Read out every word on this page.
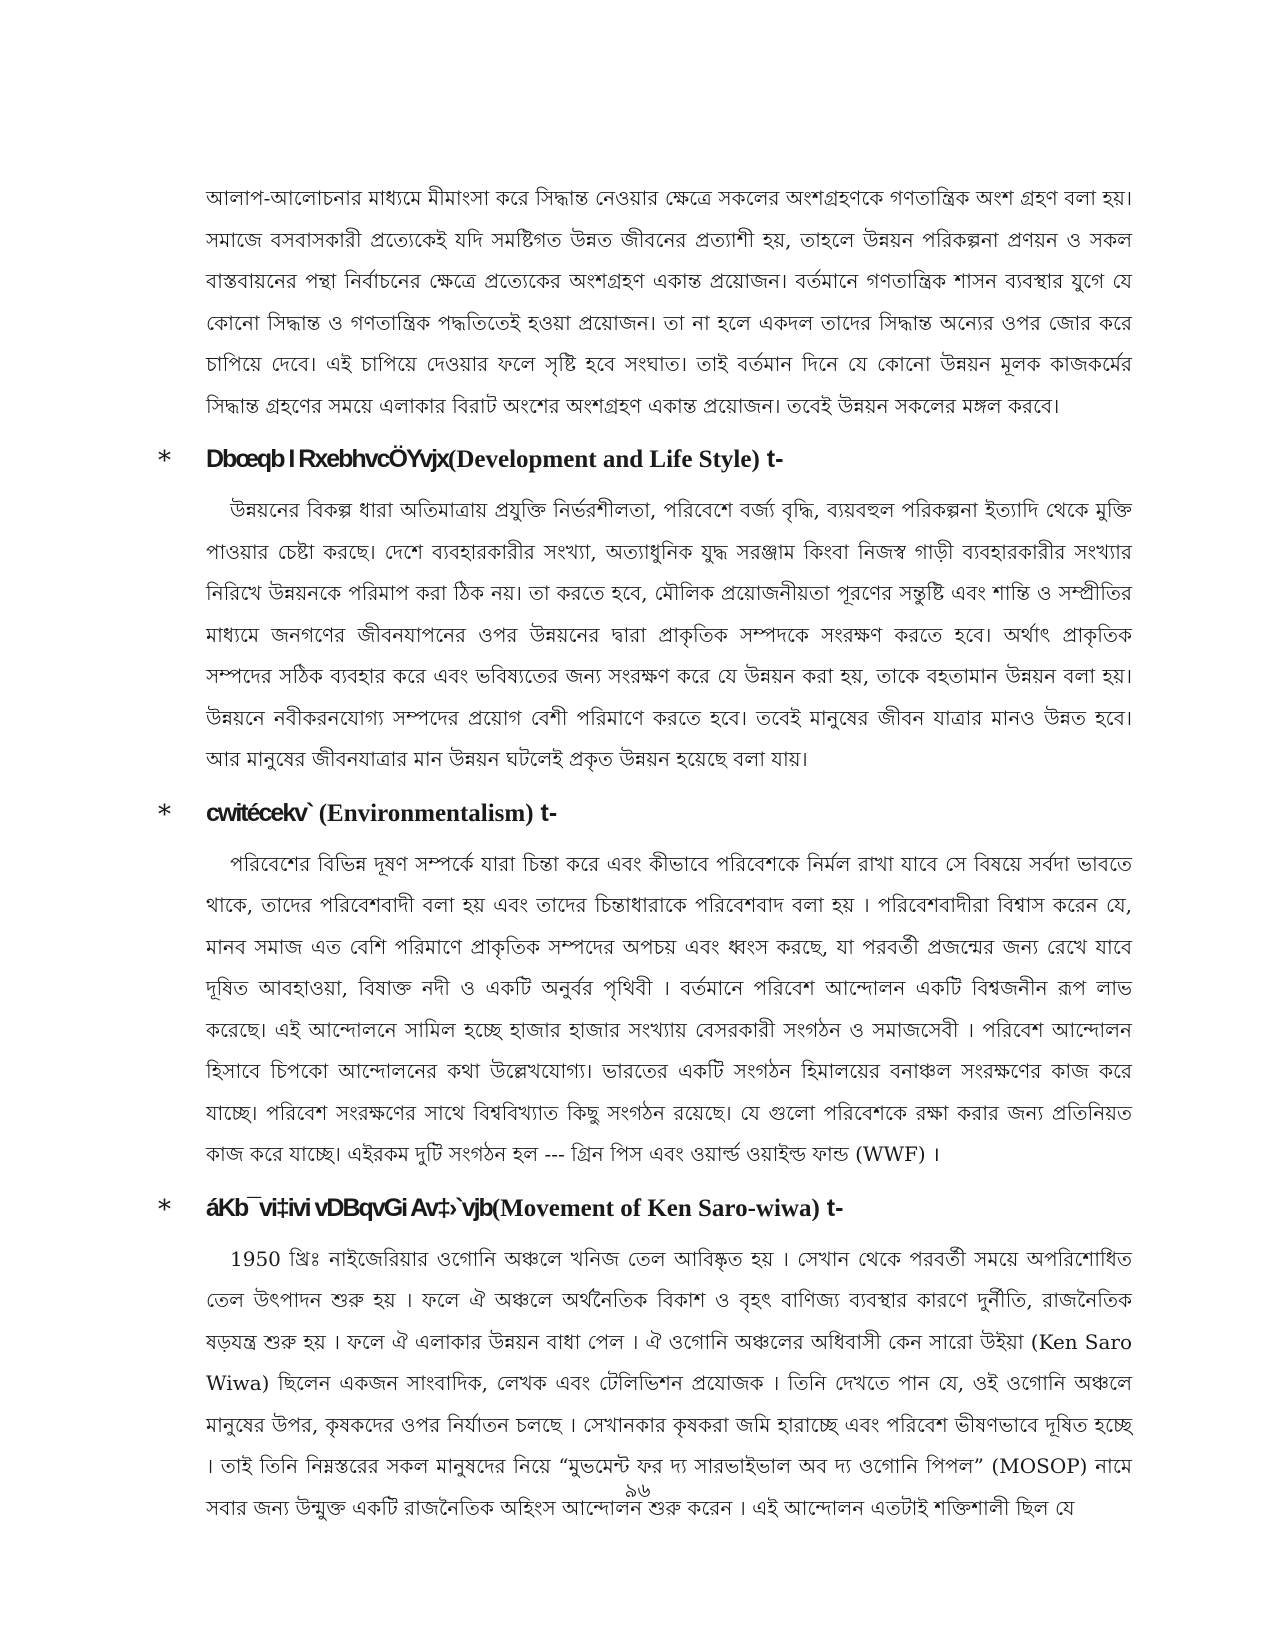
আলাপ-আলোচনার মাধ্যমে মীমাংসা করে সিদ্ধান্ত নেওয়ার ক্ষেত্রে সকলের অংশগ্রহণকে গণতান্ত্রিক অংশ গ্রহণ বলা হয়। সমাজে বসবাসকারী প্রত্যেকেই যদি সমষ্টিগত উন্নত জীবনের প্রত্যাশী হয়, তাহলে উন্নয়ন পরিকল্পনা প্রণয়ন ও সকল বাস্তবায়নের পন্থা নির্বাচনের ক্ষেত্রে প্রত্যেকের অংশগ্রহণ একান্ত প্রয়োজন। বর্তমানে গণতান্ত্রিক শাসন ব্যবস্থার যুগে যে কোনো সিদ্ধান্ত ও গণতান্ত্রিক পদ্ধতিতেই হওয়া প্রয়োজন। তা না হলে একদল তাদের সিদ্ধান্ত অন্যের ওপর জোর করে চাপিয়ে দেবে। এই চাপিয়ে দেওয়ার ফলে সৃষ্টি হবে সংঘাত। তাই বর্তমান দিনে যে কোনো উন্নয়ন মূলক কাজকর্মের সিদ্ধান্ত গ্রহণের সময়ে এলাকার বিরাট অংশের অংশগ্রহণ একান্ত প্রয়োজন। তবেই উন্নয়ন সকলের মঙ্গল করবে।

* Dbœqb I RxebhvcÖYvjx(Development and Life Style) t-

উন্নয়নের বিকল্প ধারা অতিমাত্রায় প্রযুক্তি নির্ভরশীলতা, পরিবেশে বর্জ্য বৃদ্ধি, ব্যয়বহুল পরিকল্পনা ইত্যাদি থেকে মুক্তি পাওয়ার চেষ্টা করছে। দেশে ব্যবহারকারীর সংখ্যা, অত্যাধুনিক যুদ্ধ সরঞ্জাম কিংবা নিজস্ব গাড়ী ব্যবহারকারীর সংখ্যার নিরিখে উন্নয়নকে পরিমাপ করা ঠিক নয়। তা করতে হবে, মৌলিক প্রয়োজনীয়তা পূরণের সন্তুষ্টি এবং শান্তি ও সম্প্রীতির মাধ্যমে জনগণের জীবনযাপনের ওপর উন্নয়নের দ্বারা প্রাকৃতিক সম্পদকে সংরক্ষণ করতে হবে। অর্থাৎ প্রাকৃতিক সম্পদের সঠিক ব্যবহার করে এবং ভবিষ্যতের জন্য সংরক্ষণ করে যে উন্নয়ন করা হয়, তাকে বহতামান উন্নয়ন বলা হয়। উন্নয়নে নবীকরনযোগ্য সম্পদের প্রয়োগ বেশী পরিমাণে করতে হবে। তবেই মানুষের জীবন যাত্রার মানও উন্নত হবে। আর মানুষের জীবনযাত্রার মান উন্নয়ন ঘটলেই প্রকৃত উন্নয়ন হয়েছে বলা যায়।

* cwitécekv` (Environmentalism) t-

পরিবেশের বিভিন্ন দূষণ সম্পর্কে যারা চিন্তা করে এবং কীভাবে পরিবেশকে নির্মল রাখা যাবে সে বিষয়ে সর্বদা ভাবতে থাকে, তাদের পরিবেশবাদী বলা হয় এবং তাদের চিন্তাধারাকে পরিবেশবাদ বলা হয় । পরিবেশবাদীরা বিশ্বাস করেন যে, মানব সমাজ এত বেশি পরিমাণে প্রাকৃতিক সম্পদের অপচয় এবং ধ্বংস করছে, যা পরবর্তী প্রজন্মের জন্য রেখে যাবে দূষিত আবহাওয়া, বিষাক্ত নদী ও একটি অনুর্বর পৃথিবী । বর্তমানে পরিবেশ আন্দোলন একটি বিশ্বজনীন রূপ লাভ করেছে। এই আন্দোলনে সামিল হচ্ছে হাজার হাজার সংখ্যায় বেসরকারী সংগঠন ও সমাজসেবী । পরিবেশ আন্দোলন হিসাবে চিপকো আন্দোলনের কথা উল্লেখযোগ্য। ভারতের একটি সংগঠন হিমালয়ের বনাঞ্চল সংরক্ষণের কাজ করে যাচ্ছে। পরিবেশ সংরক্ষণের সাথে বিশ্ববিখ্যাত কিছু সংগঠন রয়েছে। যে গুলো পরিবেশকে রক্ষা করার জন্য প্রতিনিয়ত কাজ করে যাচ্ছে। এইরকম দুটি সংগঠন হল --- গ্রিন পিস এবং ওয়ার্ল্ড ওয়াইল্ড ফান্ড (WWF) ।

* áKb¯vi‡ivi vDBqvGi Av‡›`vjb(Movement of Ken Saro-wiwa) t-

1950 খ্রিঃ নাইজেরিয়ার ওগোনি অঞ্চলে খনিজ তেল আবিষ্কৃত হয় । সেখান থেকে পরবর্তী সময়ে অপরিশোধিত তেল উৎপাদন শুরু হয় । ফলে ঐ অঞ্চলে অর্থনৈতিক বিকাশ ও বৃহৎ বাণিজ্য ব্যবস্থার কারণে দুর্নীতি, রাজনৈতিক ষড়যন্ত্র শুরু হয় । ফলে ঐ এলাকার উন্নয়ন বাধা পেল । ঐ ওগোনি অঞ্চলের অধিবাসী কেন সারো উইয়া (Ken Saro Wiwa) ছিলেন একজন সাংবাদিক, লেখক এবং টেলিভিশন প্রযোজক । তিনি দেখতে পান যে, ওই ওগোনি অঞ্চলে মানুষের উপর, কৃষকদের ওপর নির্যাতন চলছে । সেখানকার কৃষকরা জমি হারাচ্ছে এবং পরিবেশ ভীষণভাবে দূষিত হচ্ছে । তাই তিনি নিম্নস্তরের সকল মানুষদের নিয়ে “মুভমেন্ট ফর দ্য সারভাইভাল অব দ্য ওগোনি পিপল” (MOSOP) নামে সবার জন্য উন্মুক্ত একটি রাজনৈতিক অহিংস আন্দোলন শুরু করেন । এই আন্দোলন এতটাই শক্তিশালী ছিল যে

৯৬
